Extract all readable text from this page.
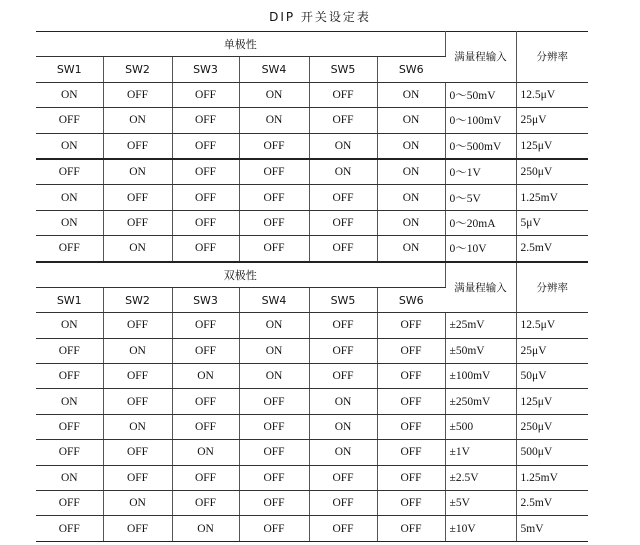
DIP 开关设定表
单极性						满量程输入	分辨率
SW1	SW2	SW3	SW4	SW5	SW6		
ON	OFF	OFF	ON	OFF	ON	0～50mV	12.5μV
OFF	ON	OFF	ON	OFF	ON	0～100mV	25μV
ON	OFF	OFF	OFF	ON	ON	0～500mV	125μV
OFF	ON	OFF	OFF	ON	ON	0～1V	250μV
ON	OFF	OFF	OFF	OFF	ON	0～5V	1.25mV
ON	OFF	OFF	OFF	OFF	ON	0～20mA	5μV
OFF	ON	OFF	OFF	OFF	ON	0～10V	2.5mV
双极性						满量程输入	分辨率
SW1	SW2	SW3	SW4	SW5	SW6		
ON	OFF	OFF	ON	OFF	OFF	±25mV	12.5μV
OFF	ON	OFF	ON	OFF	OFF	±50mV	25μV
OFF	OFF	ON	ON	OFF	OFF	±100mV	50μV
ON	OFF	OFF	OFF	ON	OFF	±250mV	125μV
OFF	ON	OFF	OFF	ON	OFF	±500	250μV
OFF	OFF	ON	OFF	ON	OFF	±1V	500μV
ON	OFF	OFF	OFF	OFF	OFF	±2.5V	1.25mV
OFF	ON	OFF	OFF	OFF	OFF	±5V	2.5mV
OFF	OFF	ON	OFF	OFF	OFF	±10V	5mV
